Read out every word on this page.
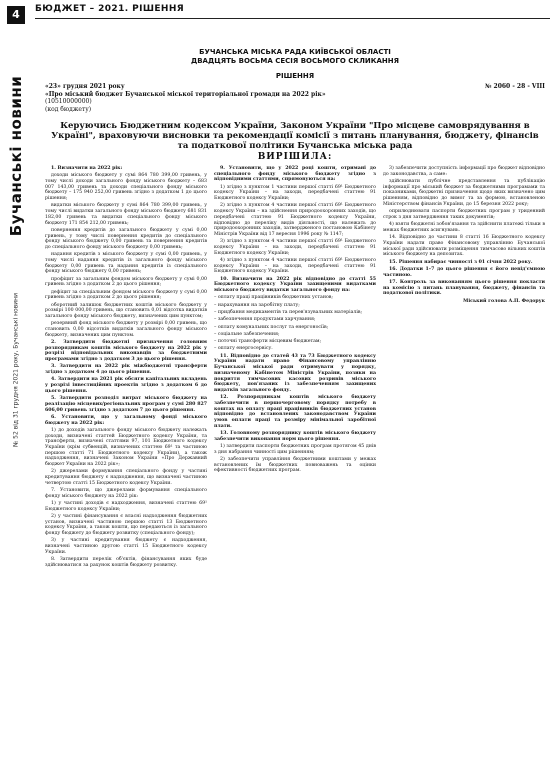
4
Бучанські новини
№ 52 від 31 грудня 2021 року, Бучанські новини
БЮДЖЕТ – 2021. РІШЕННЯ
БУЧАНСЬКА МІСЬКА РАДА КИЇВСЬКОЇ ОБЛАСТІ
ДВАДЦЯТЬ ВОСЬМА СЕСІЯ ВОСЬМОГО СКЛИКАННЯ
РІШЕННЯ
«23» грудня 2021 року
«Про міський бюджет Бучанської міської територіальної громади на 2022 рік»
(10510000000)
(код бюджету)
№ 2060 - 28 - VIII
Керуючись Бюджетним кодексом України, Законом України "Про місцеве самоврядування в Україні", враховуючи висновки та рекомендації комісії з питань планування, бюджету, фінансів та податкової політики Бучанська міська рада
ВИРІШИЛА:

1. Визначити на 2022 рік:

доходи міського бюджету у сумі 864 780 399,00 гривень, у тому числі доходи загального фонду міського бюджету – 683 007 143,00 гривень та доходи спеціального фонду міського бюджету – 175 940 252,00 гривень згідно з додатком 1 до цього рішення;

видатки міського бюджету у сумі 864 780 399,00 гривень, у тому числі видатки загального фонду міського бюджету 681 831 182,00 гривень та видатки спеціального фонду міського бюджету 171 854 212,00 гривень;

повернення кредитів до загального бюджету у сумі 0,00 гривень, у тому числі повернення кредитів до спеціального фонду міського бюджету 0,00 гривень та повернення кредитів до спеціального фонду міського бюджету 0,00 гривень;

надання кредитів з міського бюджету у сумі 0,00 гривень, у тому числі надання кредитів із загального фонду міського бюджету 0,00 гривень та надання кредитів із спеціального фонду міського бюджету 0,00 гривень;

профіцит за загальним фондом міського бюджету у сумі 0,00 гривень згідно з додатком 2 до цього рішення;

дефіцит за спеціальним фондом міського бюджету у сумі 0,00 гривень згідно з додатком 2 до цього рішення;

оборотний залишок бюджетних коштів міського бюджету у розмірі 100 000,00 гривень, що становить 0,01 відсотка видатків загального фонду міського бюджету, визначених цим пунктом;

резервний фонд міського бюджету у розмірі 0,00 гривень, що становить 0,00 відсотків видатків загального фонду міського бюджету, визначених цим пунктом.

2. Затвердити бюджетні призначення головним розпорядникам коштів міського бюджету на 2022 рік у розрізі відповідальних виконавців за бюджетними програмами згідно з додатком 3 до цього рішення.

3. Затвердити на 2022 рік міжбюджетні трансферти згідно з додатком 4 до цього рішення.

4. Затвердити на 2021 рік обсяги капітальних вкладень у розрізі інвестиційних проектів згідно з додатком 6 до цього рішення.

5. Затвердити розподіл витрат міського бюджету на реалізацію місцевих/регіональних програм у сумі 280 827 606,00 гривень згідно з додатком 7 до цього рішення.

6. Установити, що у загальному фонді міського бюджету на 2022 рік:

1) до доходів загального фонду міського бюджету належать доходи, визначені статтей Бюджетного кодексу України, та трансферти, визначені статтями 97, 101 Бюджетного кодексу України (крім субвенцій, визначених статтею 69¹ та частиною першою статті 71 Бюджетного кодексу України), а також надходження, визначені Законом України «Про Державний бюджет України на 2022 рік»;

2) джерелами формування спеціального фонду у частині кредитування бюджету є надходження, що визначені частиною четвертою статті 15 Бюджетного кодексу України.

7. Установити, що джерелами формування спеціального фонду міського бюджету на 2022 рік:

1) у частині доходів є надходження, визначені статтею 69¹ Бюджетного кодексу України;

2) у частині фінансування є власні надходження бюджетних установ, визначені частиною першою статті 13 Бюджетного кодексу України, а також кошти, що передаються із загального фонду бюджету до бюджету розвитку (спеціального фонду);

3) у частині кредитування бюджету є надходження, визначені частиною другою статті 15 Бюджетного кодексу України.

8. Затвердити перелік об'єктів, фінансування яких буде здійснюватися за рахунок коштів бюджету розвитку.

9. Установити, що у 2022 році кошти, отримані до спеціального фонду міського бюджету згідно з відповідними статтями, спрямовуються на:

1) згідно з пунктом 1 частини першої статті 69¹ Бюджетного кодексу України – на заходи, передбачені статтею 91 Бюджетного кодексу України;

2) згідно з пунктом 4 частини першої статті 69¹ Бюджетного кодексу України – на здійснення природоохоронних заходів, що передбачені статтею 91 Бюджетного кодексу України, відповідно до переліку видів діяльності, що належать до природоохоронних заходів, затвердженого постановою Кабінету Міністрів України від 17 вересня 1996 року № 1147;

3) згідно з пунктом 4 частини першої статті 69¹ Бюджетного кодексу України – на заходи, передбачені статтею 91 Бюджетного кодексу України;

4) згідно з пунктом 4 частини першої статті 69¹ Бюджетного кодексу України – на заходи, передбачені статтею 91 Бюджетного кодексу України.

10. Визначити на 2022 рік відповідно до статті 55 Бюджетного кодексу України захищеними видатками міського бюджету видатки загального фонду на:

– оплату праці працівників бюджетних установ;

– нарахування на заробітну плату;

– придбання медикаментів та перев'язувальних матеріалів;

– забезпечення продуктами харчування;

– оплату комунальних послуг та енергоносіїв;

– соціальне забезпечення;

– поточні трансферти місцевим бюджетам;

– оплату енергосервісу.

11. Відповідно до статей 43 та 73 Бюджетного кодексу України надати право Фінансовому управлінню Бучанської міської ради отримувати у порядку, визначеному Кабінетом Міністрів України, позики на покриття тимчасових касових розривів міського бюджету, пов'язаних із забезпеченням захищених видатків загального фонду.

12. Розпорядникам коштів міського бюджету забезпечити в першочерговому порядку потребу в коштах на оплату праці працівників бюджетних установ відповідно до встановлених законодавством України умов оплати праці та розміру мінімальної заробітної плати.

13. Головному розпоряднику коштів міського бюджету забезпечити виконання норм цього рішення.

1) затвердити паспорти бюджетних програм протягом 45 днів з дня набрання чинності цим рішенням;

2) забезпечити управління бюджетними коштами у межах встановлених їм бюджетних повноважень та оцінки ефективності бюджетних програм.

3) забезпечити доступність інформації про бюджет відповідно до законодавства, а саме:

здійснювати публічне представлення та публікацію інформації про міський бюджет за бюджетними програмами та показниками, бюджетні призначення щодо яких визначено цим рішенням, відповідно до вимог та за формою, встановленою Міністерством фінансів України, до 15 березня 2022 року;

оприлюднювати паспорти бюджетних програм у триденний строк з дня затвердження таких документів;

4) взяти бюджетні зобов'язання та здійснити платежі тільки в межах бюджетних асигнувань.

14. Відповідно до частини 8 статті 16 Бюджетного кодексу України надати право Фінансовому управлінню Бучанської міської ради здійснювати розміщення тимчасово вільних коштів міського бюджету на депозитах.

15. Рішення набирає чинності з 01 січня 2022 року.

16. Додатки 1–7 до цього рішення є його невід'ємною частиною.

17. Контроль за виконанням цього рішення покласти на комісію з питань планування, бюджету, фінансів та податкової політики.

Міський голова А.П. Федорук
